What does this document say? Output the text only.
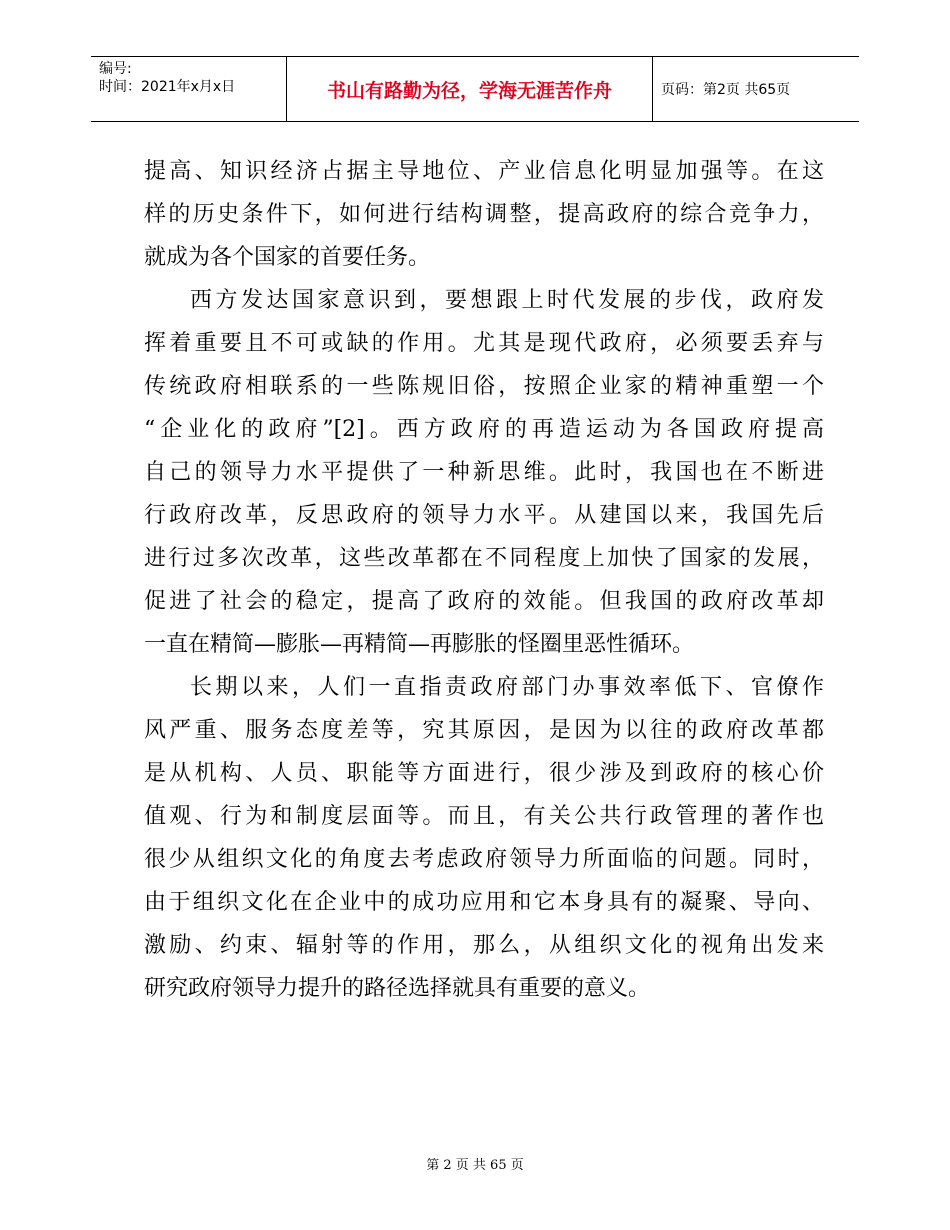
编号:
时间：2021年x月x日	书山有路勤为径，学海无涯苦作舟	页码：第2页 共65页
提高、知识经济占据主导地位、产业信息化明显加强等。在这
样的历史条件下，如何进行结构调整，提高政府的综合竞争力，
就成为各个国家的首要任务。
西方发达国家意识到，要想跟上时代发展的步伐，政府发
挥着重要且不可或缺的作用。尤其是现代政府，必须要丢弃与
传统政府相联系的一些陈规旧俗，按照企业家的精神重塑一个
“企业化的政府”[2]。西方政府的再造运动为各国政府提高
自己的领导力水平提供了一种新思维。此时，我国也在不断进
行政府改革，反思政府的领导力水平。从建国以来，我国先后
进行过多次改革，这些改革都在不同程度上加快了国家的发展，
促进了社会的稳定，提高了政府的效能。但我国的政府改革却
一直在精简—膨胀—再精简—再膨胀的怪圈里恶性循环。
长期以来，人们一直指责政府部门办事效率低下、官僚作
风严重、服务态度差等，究其原因，是因为以往的政府改革都
是从机构、人员、职能等方面进行，很少涉及到政府的核心价
值观、行为和制度层面等。而且，有关公共行政管理的著作也
很少从组织文化的角度去考虑政府领导力所面临的问题。同时，
由于组织文化在企业中的成功应用和它本身具有的凝聚、导向、
激励、约束、辐射等的作用，那么，从组织文化的视角出发来
研究政府领导力提升的路径选择就具有重要的意义。
第 2 页 共 65 页
